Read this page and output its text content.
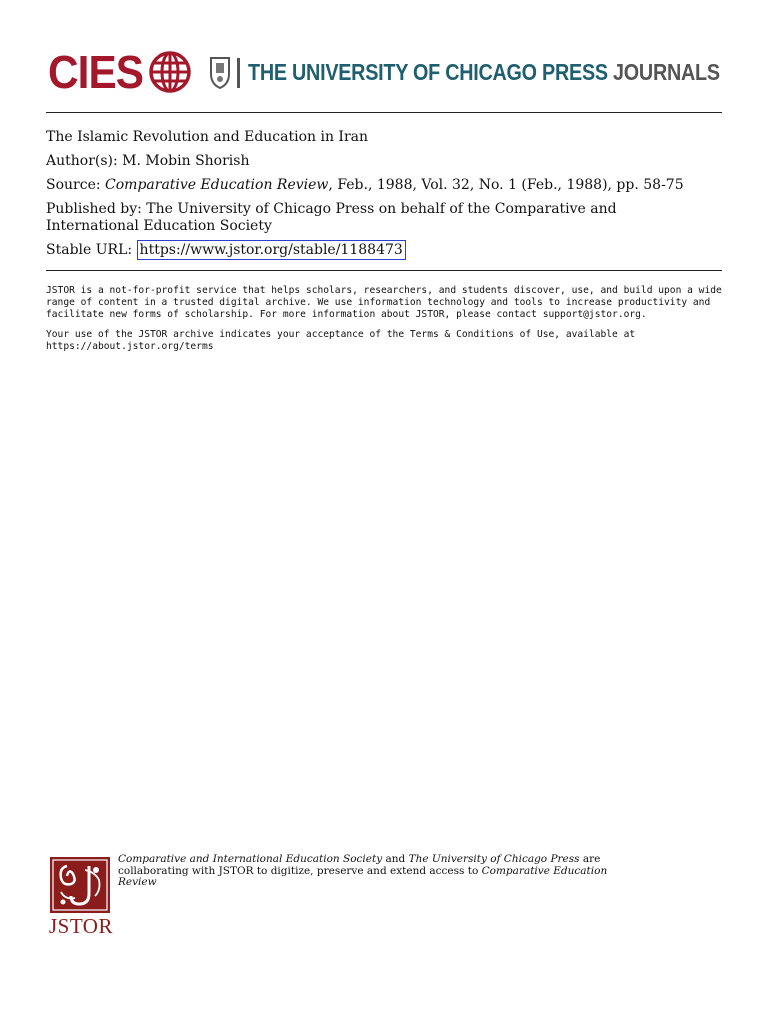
CIES	THE UNIVERSITY OF CHICAGO PRESS JOURNALS

The Islamic Revolution and Education in Iran

Author(s): M. Mobin Shorish

Source: Comparative Education Review, Feb., 1988, Vol. 32, No. 1 (Feb., 1988), pp. 58-75

Published by: The University of Chicago Press on behalf of the Comparative and

International Education Society

Stable URL: https://www.jstor.org/stable/1188473

JSTOR is a not-for-profit service that helps scholars, researchers, and students discover, use, and build upon a wide
range of content in a trusted digital archive. We use information technology and tools to increase productivity and
facilitate new forms of scholarship. For more information about JSTOR, please contact support@jstor.org.

Your use of the JSTOR archive indicates your acceptance of the Terms & Conditions of Use, available at
https://about.jstor.org/terms

JSTOR
Comparative and International Education Society and The University of Chicago Press are
collaborating with JSTOR to digitize, preserve and extend access to Comparative Education
Review
